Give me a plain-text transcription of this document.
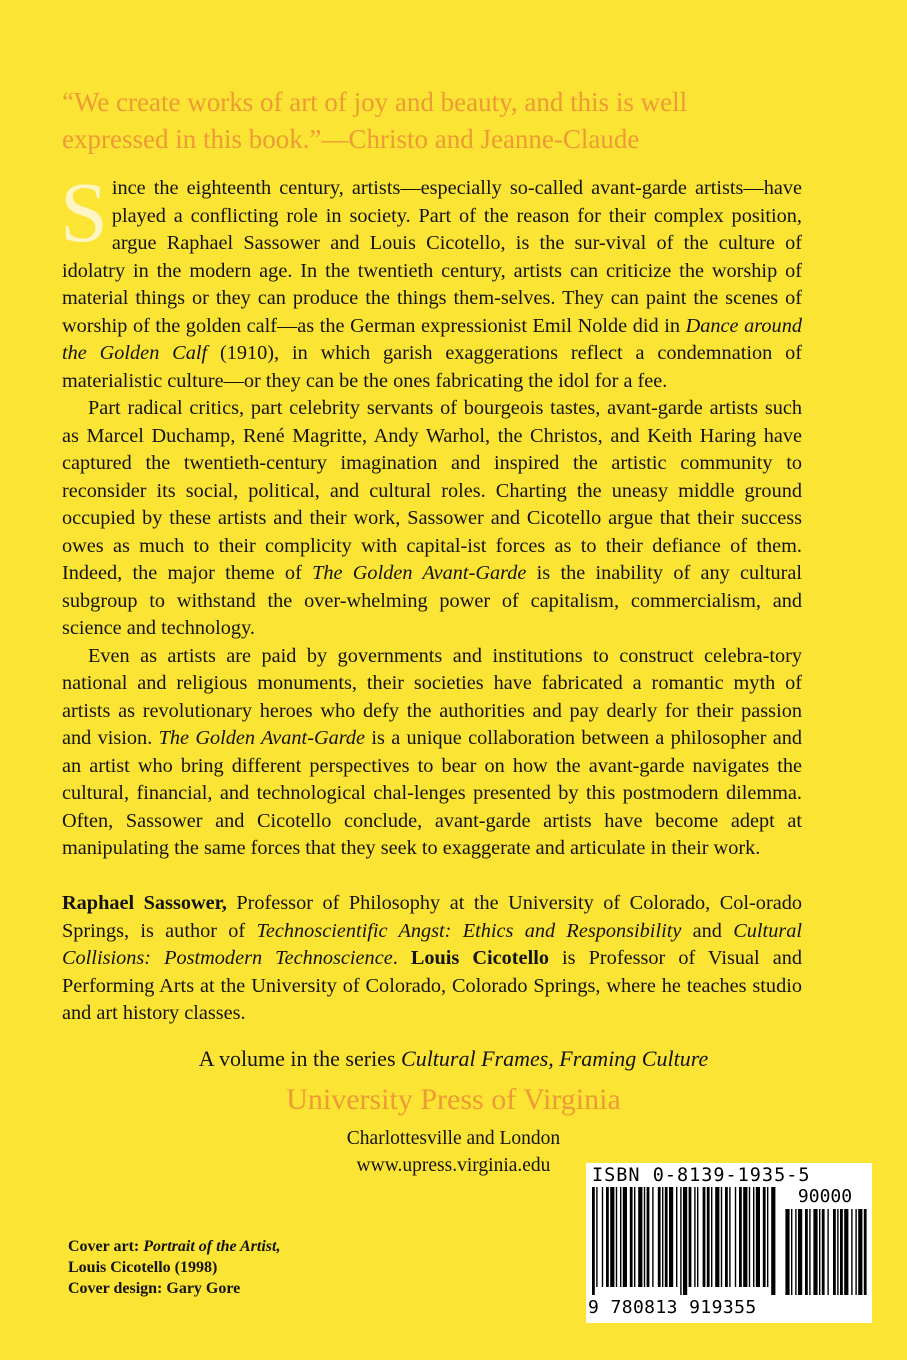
“We create works of art of joy and beauty, and this is well
expressed in this book.”—Christo and Jeanne-Claude

Since the eighteenth century, artists—especially so-called avant-garde artists—have played a conflicting role in society. Part of the reason for their complex position, argue Raphael Sassower and Louis Cicotello, is the sur-vival of the culture of idolatry in the modern age. In the twentieth century, artists can criticize the worship of material things or they can produce the things them-selves. They can paint the scenes of worship of the golden calf—as the German expressionist Emil Nolde did in Dance around the Golden Calf (1910), in which garish exaggerations reflect a condemnation of materialistic culture—or they can be the ones fabricating the idol for a fee.

Part radical critics, part celebrity servants of bourgeois tastes, avant-garde artists such as Marcel Duchamp, René Magritte, Andy Warhol, the Christos, and Keith Haring have captured the twentieth-century imagination and inspired the artistic community to reconsider its social, political, and cultural roles. Charting the uneasy middle ground occupied by these artists and their work, Sassower and Cicotello argue that their success owes as much to their complicity with capital-ist forces as to their defiance of them. Indeed, the major theme of The Golden Avant-Garde is the inability of any cultural subgroup to withstand the over-whelming power of capitalism, commercialism, and science and technology.

Even as artists are paid by governments and institutions to construct celebra-tory national and religious monuments, their societies have fabricated a romantic myth of artists as revolutionary heroes who defy the authorities and pay dearly for their passion and vision. The Golden Avant-Garde is a unique collaboration between a philosopher and an artist who bring different perspectives to bear on how the avant-garde navigates the cultural, financial, and technological chal-lenges presented by this postmodern dilemma. Often, Sassower and Cicotello conclude, avant-garde artists have become adept at manipulating the same forces that they seek to exaggerate and articulate in their work.

Raphael Sassower, Professor of Philosophy at the University of Colorado, Col-orado Springs, is author of Technoscientific Angst: Ethics and Responsibility and Cultural Collisions: Postmodern Technoscience. Louis Cicotello is Professor of Visual and Performing Arts at the University of Colorado, Colorado Springs, where he teaches studio and art history classes.

A volume in the series Cultural Frames, Framing Culture
University Press of Virginia
Charlottesville and London
www.upress.virginia.edu
Cover art: Portrait of the Artist,
Louis Cicotello (1998)
Cover design: Gary Gore
ISBN 0-8139-1935-5
90000
9 780813 919355
